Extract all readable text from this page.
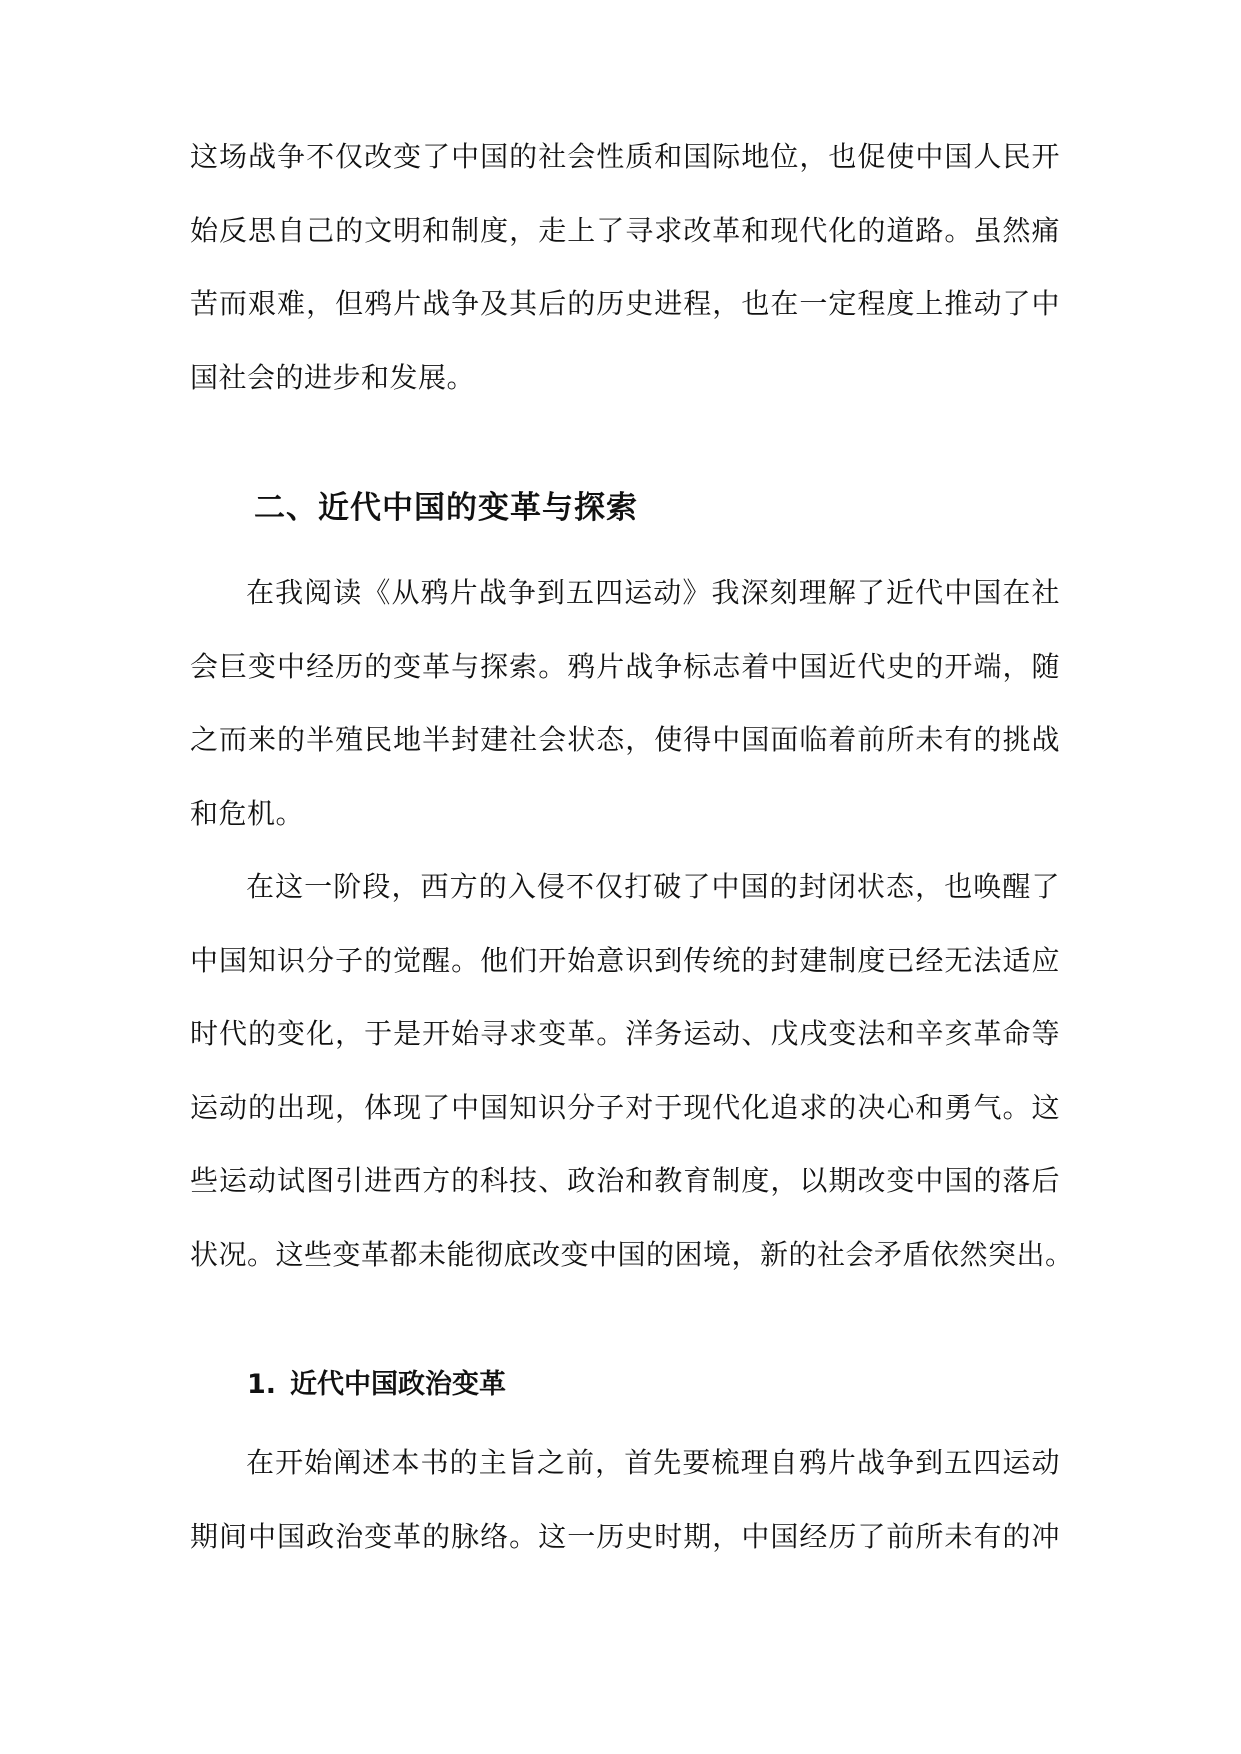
这场战争不仅改变了中国的社会性质和国际地位，也促使中国人民开
始反思自己的文明和制度，走上了寻求改革和现代化的道路。虽然痛
苦而艰难，但鸦片战争及其后的历史进程，也在一定程度上推动了中
国社会的进步和发展。
二、近代中国的变革与探索
在我阅读《从鸦片战争到五四运动》我深刻理解了近代中国在社
会巨变中经历的变革与探索。鸦片战争标志着中国近代史的开端，随
之而来的半殖民地半封建社会状态，使得中国面临着前所未有的挑战
和危机。
在这一阶段，西方的入侵不仅打破了中国的封闭状态，也唤醒了
中国知识分子的觉醒。他们开始意识到传统的封建制度已经无法适应
时代的变化，于是开始寻求变革。洋务运动、戊戌变法和辛亥革命等
运动的出现，体现了中国知识分子对于现代化追求的决心和勇气。这
些运动试图引进西方的科技、政治和教育制度，以期改变中国的落后
状况。这些变革都未能彻底改变中国的困境，新的社会矛盾依然突出。
1. 近代中国政治变革
在开始阐述本书的主旨之前，首先要梳理自鸦片战争到五四运动
期间中国政治变革的脉络。这一历史时期，中国经历了前所未有的冲
